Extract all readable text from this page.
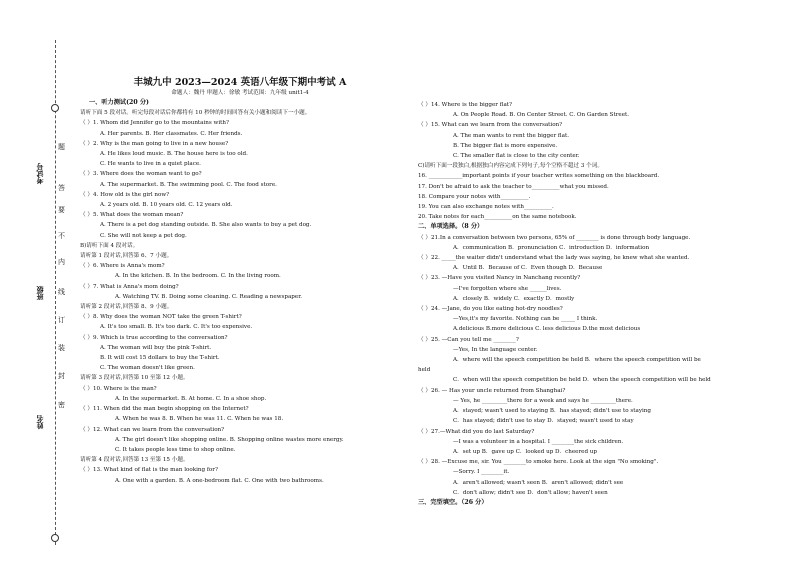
考试号
班级
姓名
题
答
要
不
内
线
订
装
封
密
丰城九中 2023—2024 英语八年级下期中考试 A
命题人：魏丹 审题人：徐敏 考试范围：九年级 unit1-4
一、听力测试(20 分)
请听下面 5 段对话。听完每段对话后你都将有 10 秒钟的时间回答有关小题和阅读下一小题。
（ ）1. Whom did Jennifer go to the mountains with?
A. Her parents. B. Her classmates. C. Her friends.
（ ）2. Why is the man going to live in a new house?
A. He likes loud music. B. The house here is too old.
C. He wants to live in a quiet place.
（ ）3. Where does the woman want to go?
A. The supermarket. B. The swimming pool. C. The food store.
（ ）4. How old is the girl now?
A. 2 years old. B. 10 years old. C. 12 years old.
（ ）5. What does the woman mean?
A. There is a pet dog standing outside. B. She also wants to buy a pet dog.
C. She will not keep a pet dog.
B)请听下面 4 段对话。
请听第 1 段对话,回答第 6、7 小题。
（ ）6. Where is Anna's mom?
A. In the kitchen. B. In the bedroom. C. In the living room.
（ ）7. What is Anna's mom doing?
A. Watching TV. B. Doing some cleaning. C. Reading a newspaper.
请听第 2 段对话,回答第 8、9 小题。
（ ）8. Why does the woman NOT take the green T-shirt?
A. It's too small. B. It's too dark. C. It's too expensive.
（ ）9. Which is true according to the conversation?
A. The woman will buy the pink T-shirt.
B. It will cost 15 dollars to buy the T-shirt.
C. The woman doesn't like green.
请听第 3 段对话,回答第 10 至第 12 小题。
（ ）10. Where is the man?
A. In the supermarket. B. At home. C. In a shoe shop.
（ ）11. When did the man begin shopping on the Internet?
A. When he was 8. B. When he was 11. C. When he was 18.
（ ）12. What can we learn from the conversation?
A. The girl doesn't like shopping online. B. Shopping online wastes more energy.
C. It takes people less time to shop online.
请听第 4 段对话,回答第 13 至第 15 小题。
（ ）13. What kind of flat is the man looking for?
A. One with a garden. B. A one-bedroom flat. C. One with two bathrooms.
（ ）14. Where is the bigger flat?
A. On People Road. B. On Center Street. C. On Garden Street.
（ ）15. What can we learn from the conversation?
A. The man wants to rent the bigger flat.
B. The bigger flat is more expensive.
C. The smaller flat is close to the city center.
C)请听下面一段独白,根据独白内容完成下列句子,每个空格不超过 3 个词。
16. ____________important points if your teacher writes something on the blackboard.
17. Don't be afraid to ask the teacher to__________what you missed.
18. Compare your notes with__________.
19. You can also exchange notes with__________.
20. Take notes for each__________on the same notebook.
二、单项选择。（8 分）
（ ）21.In a conversation between two persons, 65% of ________ is done through body language.
A．communication B．pronunciation C．introduction D．information
（ ）22. _____the waiter didn't understand what the lady was saying, he knew what she wanted.
A．Until B．Because of C．Even though D．Because
（ ）23. —Have you visited Nancy in Nanchang recently?
—I've forgotten where she ______lives.
A．closely B．widely C．exactly D．mostly
（ ）24. —Jane, do you like eating hot-dry noodles?
—Yes,it's my favorite. Nothing can be _____ I think.
A.delicious B.more delicious C. less delicious D.the most delicious
（ ）25. —Can you tell me ________?
—Yes, In the language center.
A．where will the speech competition be held B．where the speech competition will be
held
C．when will the speech competition be held D．when the speech competition will be held
（ ）26. — Has your uncle returned from Shanghai?
— Yes, he _________there for a week and says he _________there.
A．stayed; wasn't used to staying B．has stayed; didn't use to staying
C．has stayed; didn't use to stay D．stayed; wasn't used to stay
（ ）27.—What did you do last Saturday?
—I was a volunteer in a hospital. I ________the sick children.
A．set up B．gave up C．looked up D．cheered up
（ ）28. —Excuse me, sir. You ________to smoke here. Look at the sign "No smoking".
—Sorry. I ________it.
A．aren't allowed; wasn't seen B．aren't allowed; didn't see
C．don't allow; didn't see D．don't allow; haven't seen
三、完型填空。（26 分）
